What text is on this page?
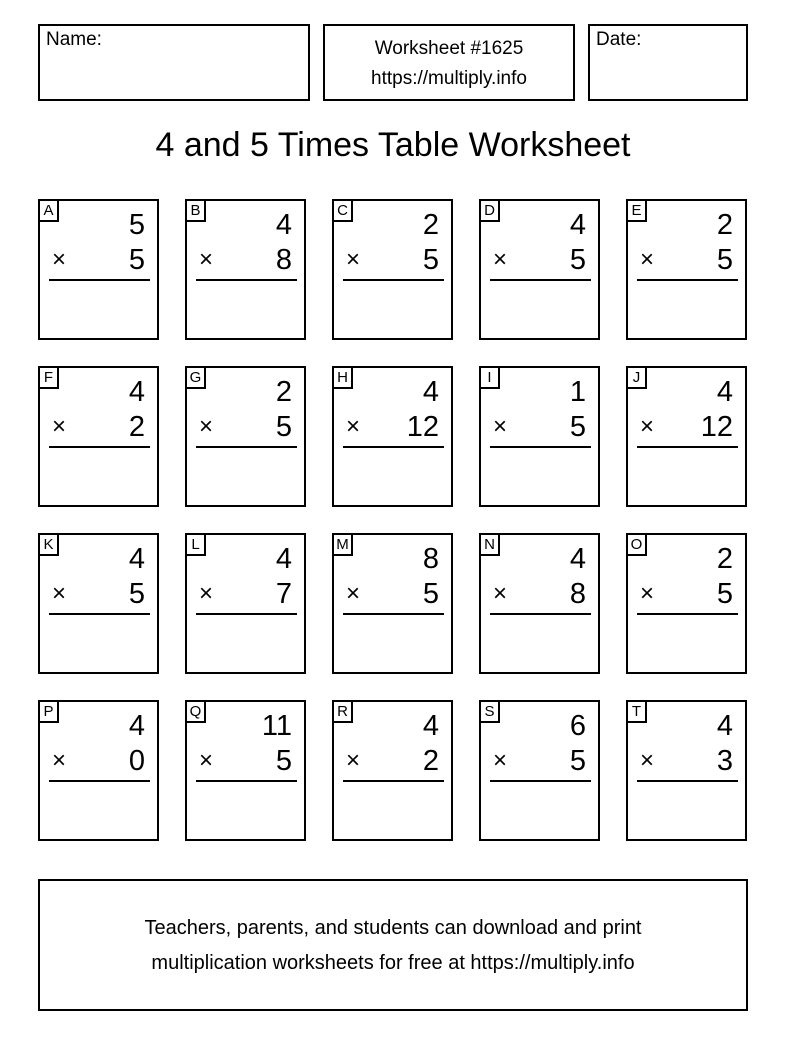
Name:	Worksheet #1625
https://multiply.info
Date:
4 and 5 Times Table Worksheet
A	5
× 5
B	4
× 8
C	2
× 5
D	4
× 5
E	2
× 5
F	4
× 2
G	2
× 5
H	4
× 12
I	1
× 5
J	4
× 12
K	4
× 5
L	4
× 7
M	8
× 5
N	4
× 8
O	2
× 5
P	4
× 0
Q 11
× 5
R	4
× 2
S	6
× 5
T	4
× 3
Teachers, parents, and students can download and print
multiplication worksheets for free at https://multiply.info
